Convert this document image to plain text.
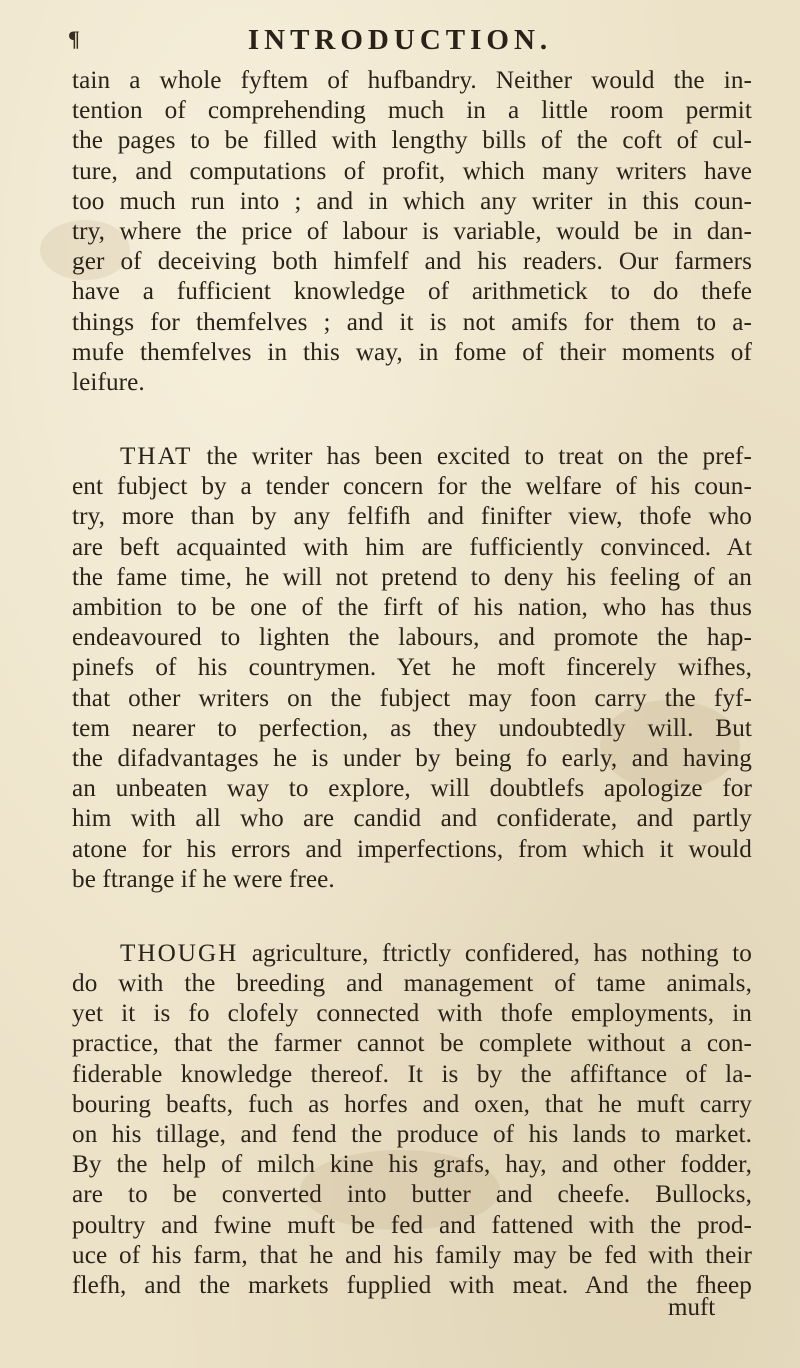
¶	INTRODUCTION.
tain a whole fyftem of hufbandry. Neither would the in-
tention of comprehending much in a little room permit
the pages to be filled with lengthy bills of the coft of cul-
ture, and computations of profit, which many writers have
too much run into ; and in which any writer in this coun-
try, where the price of labour is variable, would be in dan-
ger of deceiving both himfelf and his readers. Our farmers
have a fufficient knowledge of arithmetick to do thefe
things for themfelves ; and it is not amifs for them to a-
mufe themfelves in this way, in fome of their moments of
leifure.
THAT the writer has been excited to treat on the pref-
ent fubject by a tender concern for the welfare of his coun-
try, more than by any felfifh and finifter view, thofe who
are beft acquainted with him are fufficiently convinced. At
the fame time, he will not pretend to deny his feeling of an
ambition to be one of the firft of his nation, who has thus
endeavoured to lighten the labours, and promote the hap-
pinefs of his countrymen. Yet he moft fincerely wifhes,
that other writers on the fubject may foon carry the fyf-
tem nearer to perfection, as they undoubtedly will. But
the difadvantages he is under by being fo early, and having
an unbeaten way to explore, will doubtlefs apologize for
him with all who are candid and confiderate, and partly
atone for his errors and imperfections, from which it would
be ftrange if he were free.
THOUGH agriculture, ftrictly confidered, has nothing to
do with the breeding and management of tame animals,
yet it is fo clofely connected with thofe employments, in
practice, that the farmer cannot be complete without a con-
fiderable knowledge thereof. It is by the affiftance of la-
bouring beafts, fuch as horfes and oxen, that he muft carry
on his tillage, and fend the produce of his lands to market.
By the help of milch kine his grafs, hay, and other fodder,
are to be converted into butter and cheefe. Bullocks,
poultry and fwine muft be fed and fattened with the prod-
uce of his farm, that he and his family may be fed with their
flefh, and the markets fupplied with meat. And the fheep
muft
